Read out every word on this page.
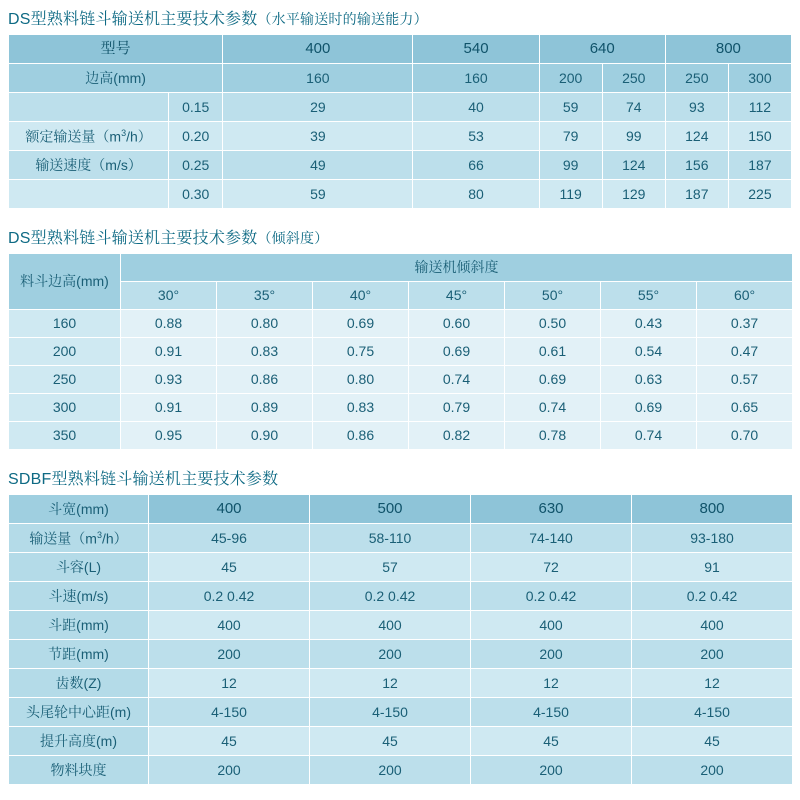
DS型熟料链斗输送机主要技术参数（水平输送时的输送能力）
型号		400	540	640		800	
边高(mm)		160	160	200	250	250	300
	0.15	29	40	59	74	93	112
额定输送量$(m^3/h)$	0.20	39	53	79	99	124	150
输送速度（m/s）	0.25	49	66	99	124	156	187
	0.30	59	80	119	129	187	225
DS型熟料链斗输送机主要技术参数（倾斜度）
料斗边高(mm)	输送机倾斜度						
	30°	35°	40°	45°	50°	55°	60°
160	0.88	0.80	0.69	0.60	0.50	0.43	0.37
200	0.91	0.83	0.75	0.69	0.61	0.54	0.47
250	0.93	0.86	0.80	0.74	0.69	0.63	0.57
300	0.91	0.89	0.83	0.79	0.74	0.69	0.65
350	0.95	0.90	0.86	0.82	0.78	0.74	0.70
SDBF型熟料链斗输送机主要技术参数
斗宽(mm)	400	500	630	800
输送量$(m^3/h)$	45-96	58-110	74-140	93-180
斗容(L)	45	57	72	91
斗速(m/s)	0.2 0.42	0.2 0.42	0.2 0.42	0.2 0.42
斗距(mm)	400	400	400	400
节距(mm)	200	200	200	200
齿数(Z)	12	12	12	12
头尾轮中心距(m)	4-150	4-150	4-150	4-150
提升高度(m)	45	45	45	45
物料块度	200	200	200	200
